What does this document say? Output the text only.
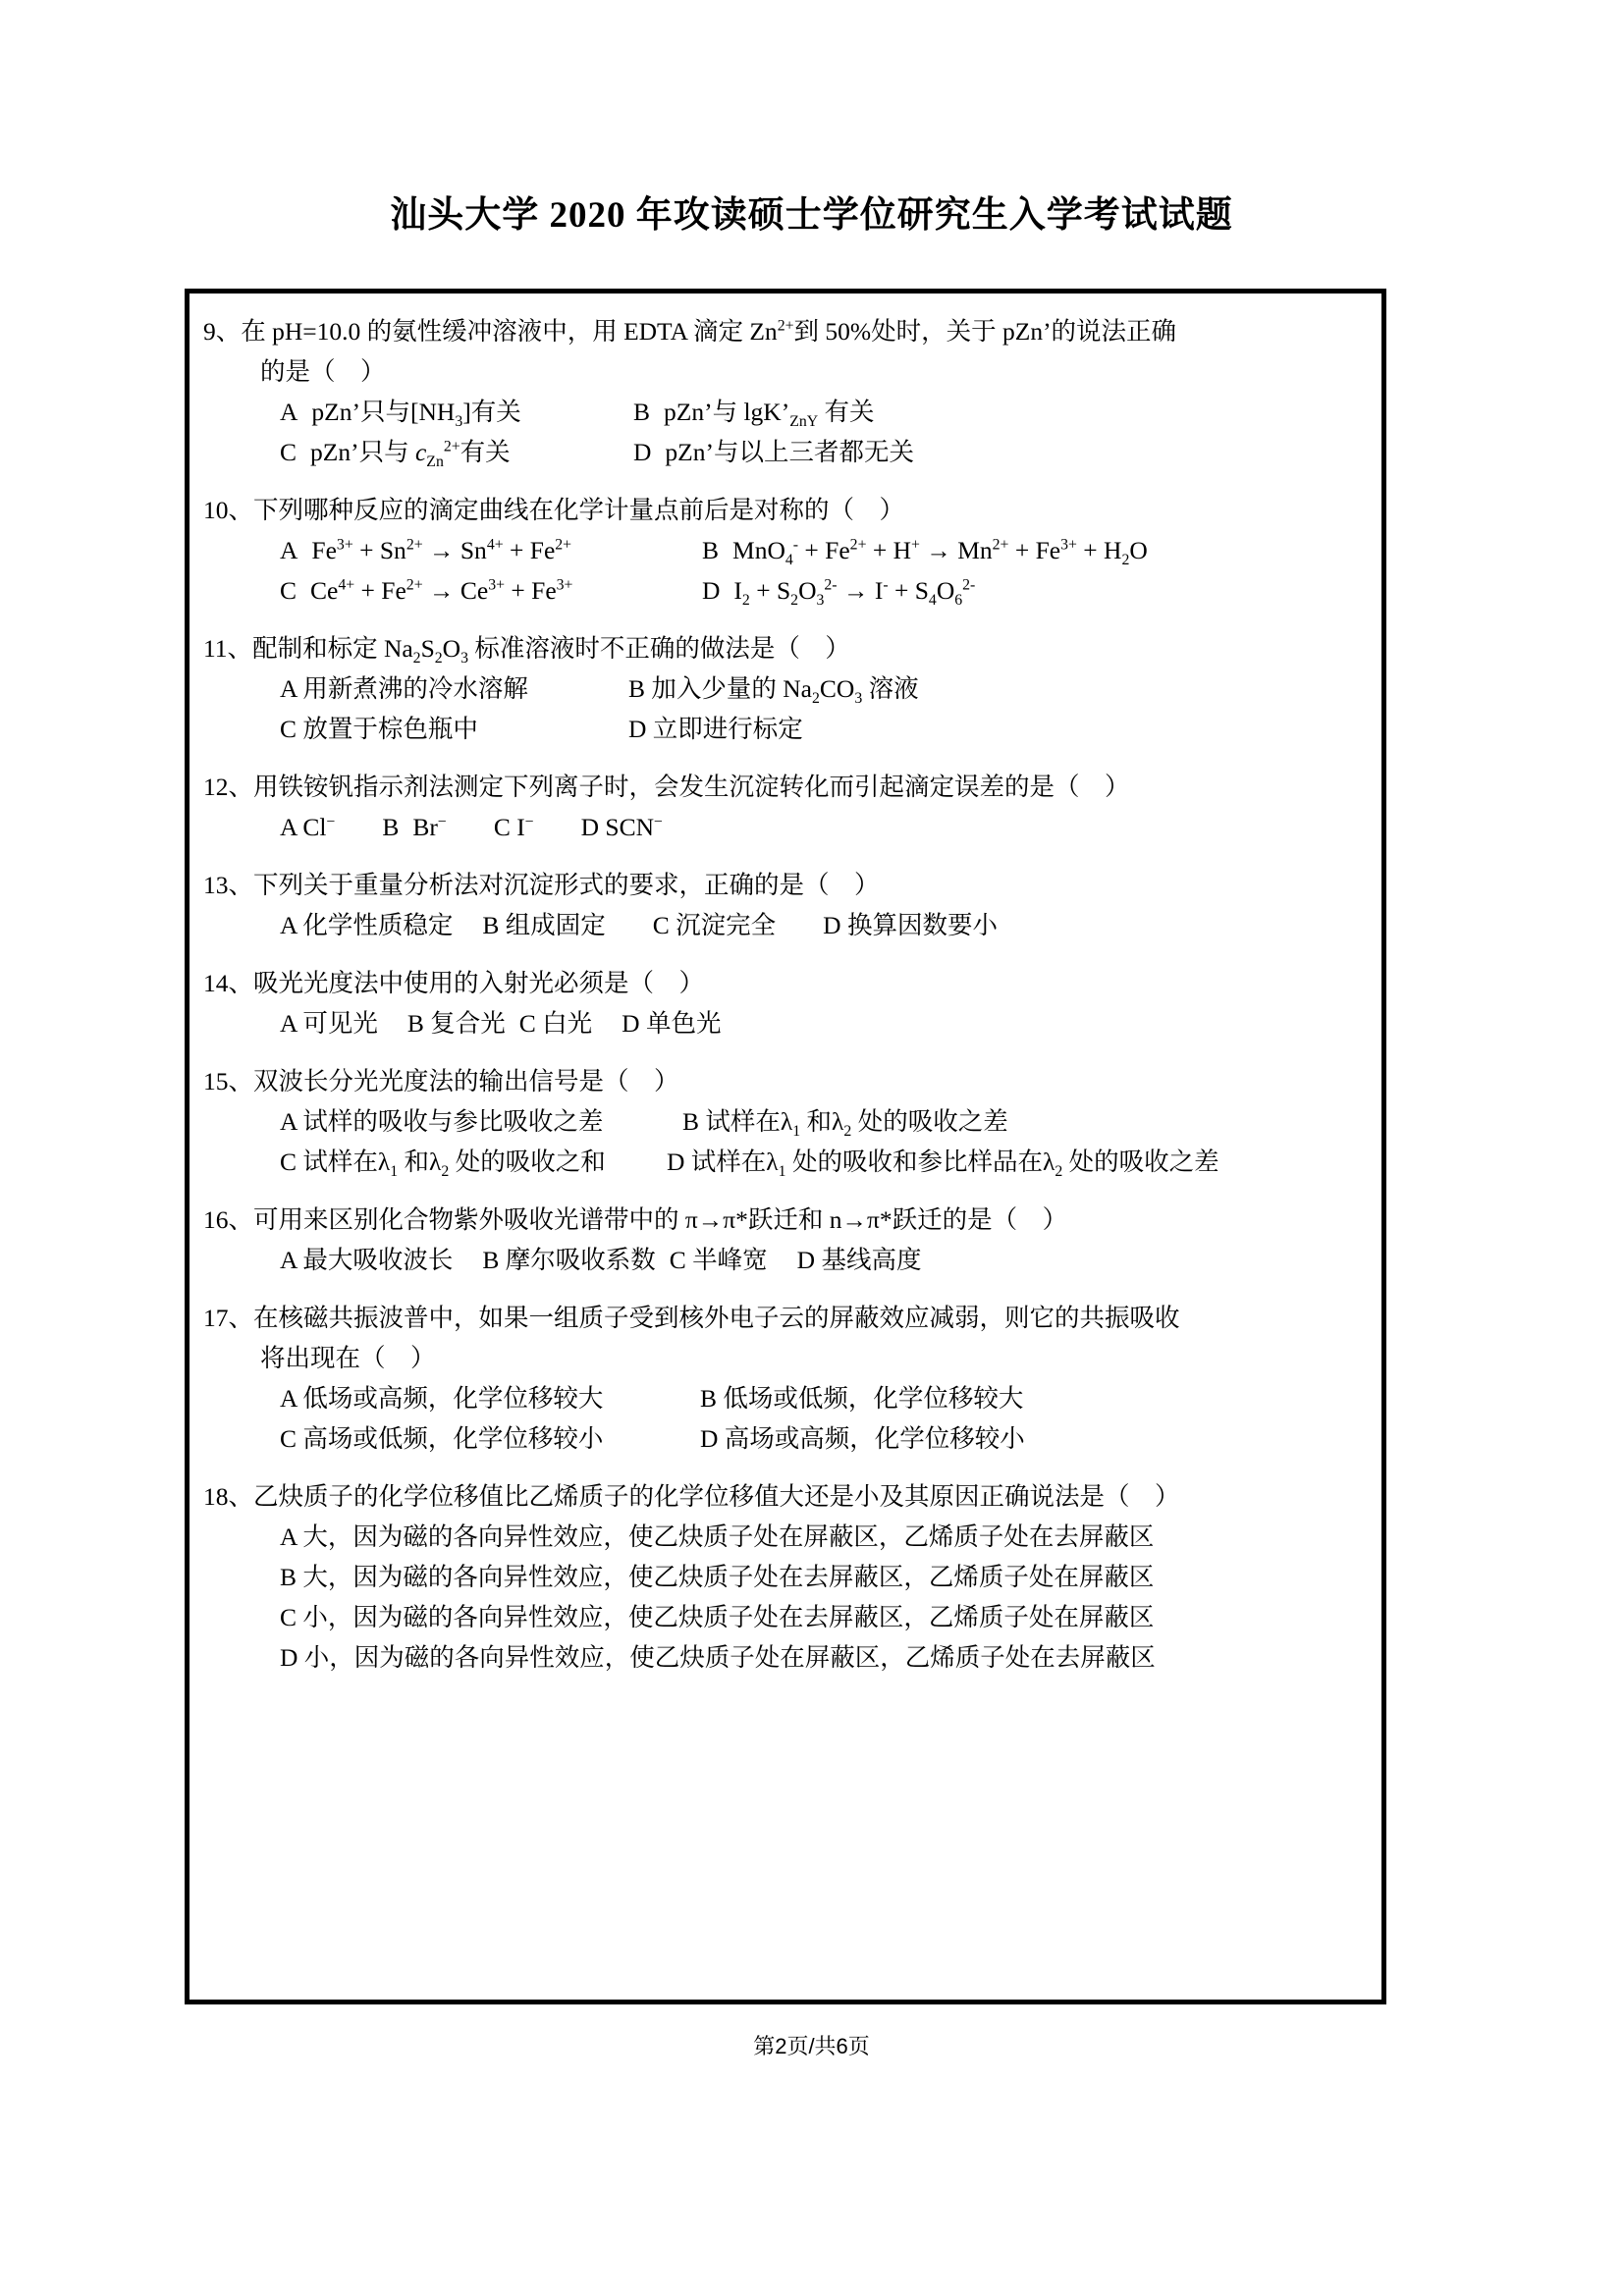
汕头大学 2020 年攻读硕士学位研究生入学考试试题
9、在 pH=10.0 的氨性缓冲溶液中，用 EDTA 滴定 $Zn^{2+}$到 50%处时，关于 pZn’的说法正确
的是（    ）
A pZn’只与$[NH_3]$有关	B pZn’与 $\lg K’_{ZnY}$ 有关
C pZn’只与 $c_{Zn}^{2+}$有关	D pZn’与以上三者都无关
10、下列哪种反应的滴定曲线在化学计量点前后是对称的（    ）
A $Fe^{3+} + Sn^{2+} \to Sn^{4+} + Fe^{2+}$	B $MnO_4^- + Fe^{2+} + H^+ \to Mn^{2+} + Fe^{3+} + H_2O$
C $Ce^{4+} + Fe^{2+} \to Ce^{3+} + Fe^{3+}$	D $I_2 + S_2O_3^{2-} \to I^- + S_4O_6^{2-}$
11、配制和标定 $Na_2S_2O_3$ 标准溶液时不正确的做法是（    ）
A 用新煮沸的冷水溶解	B 加入少量的 $Na_2CO_3$ 溶液
C 放置于棕色瓶中	D 立即进行标定
12、用铁铵钒指示剂法测定下列离子时，会发生沉淀转化而引起滴定误差的是（    ）
A Cl− B Br− C I− D SCN−
13、下列关于重量分析法对沉淀形式的要求，正确的是（    ）
A 化学性质稳定 B 组成固定 C 沉淀完全 D 换算因数要小
14、吸光光度法中使用的入射光必须是（    ）
A 可见光 B 复合光 C 白光 D 单色光
15、双波长分光光度法的输出信号是（    ）
A 试样的吸收与参比吸收之差	B 试样在$\lambda_1$ 和$\lambda_2$ 处的吸收之差
C 试样在$\lambda_1$ 和$\lambda_2$ 处的吸收之和 D 试样在$\lambda_1$ 处的吸收和参比样品在$\lambda_2$ 处的吸收之差
16、可用来区别化合物紫外吸收光谱带中的 π→π*跃迁和 n→π*跃迁的是（    ）
A 最大吸收波长 B 摩尔吸收系数 C 半峰宽 D 基线高度
17、在核磁共振波普中，如果一组质子受到核外电子云的屏蔽效应减弱，则它的共振吸收
将出现在（    ）
A 低场或高频，化学位移较大	B 低场或低频，化学位移较大
C 高场或低频，化学位移较小	D 高场或高频，化学位移较小
18、乙炔质子的化学位移值比乙烯质子的化学位移值大还是小及其原因正确说法是（    ）
A 大，因为磁的各向异性效应，使乙炔质子处在屏蔽区，乙烯质子处在去屏蔽区
B 大，因为磁的各向异性效应，使乙炔质子处在去屏蔽区，乙烯质子处在屏蔽区
C 小，因为磁的各向异性效应，使乙炔质子处在去屏蔽区，乙烯质子处在屏蔽区
D 小，因为磁的各向异性效应，使乙炔质子处在屏蔽区，乙烯质子处在去屏蔽区
第2页/共6页
